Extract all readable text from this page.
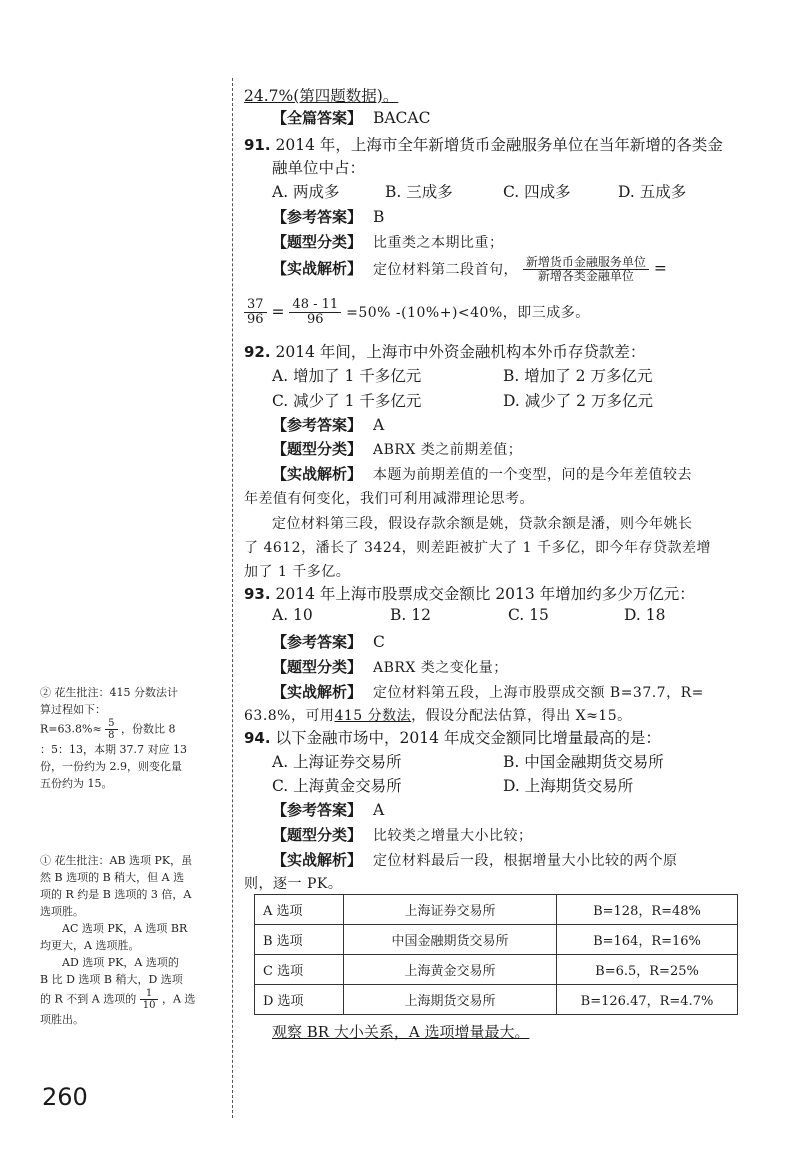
24.7%(第四题数据)。
【全篇答案】 BACAC
91. 2014 年，上海市全年新增货币金融服务单位在当年新增的各类金
融单位中占：
A. 两成多	B. 三成多	C. 四成多	D. 五成多
【参考答案】 B
【题型分类】 比重类之本期比重；
【实战解析】 定位材料第二段首句， $\frac{\text{新增货币金融服务单位}}{\text{新增各类金融单位}}$ =
$\frac{37}{96} = \frac{48 - 11}{96} =50\%$ -(10%+)<40%，即三成多。
92. 2014 年间，上海市中外资金融机构本外币存贷款差：
A. 增加了 1 千多亿元	B. 增加了 2 万多亿元
C. 减少了 1 千多亿元	D. 减少了 2 万多亿元
【参考答案】 A
【题型分类】 ABRX 类之前期差值；
【实战解析】 本题为前期差值的一个变型，问的是今年差值较去
年差值有何变化，我们可利用减滞理论思考。
定位材料第三段，假设存款余额是姚，贷款余额是潘，则今年姚长
了 4612，潘长了 3424，则差距被扩大了 1 千多亿，即今年存贷款差增
加了 1 千多亿。
93. 2014 年上海市股票成交金额比 2013 年增加约多少万亿元：
A. 10	B. 12	C. 15	D. 18
【参考答案】 C
【题型分类】 ABRX 类之变化量；
【实战解析】 定位材料第五段，上海市股票成交额 B=37.7，R=
63.8%，可用415 分数法，假设分配法估算，得出 X≈15。
94. 以下金融市场中，2014 年成交金额同比增量最高的是：
A. 上海证券交易所	B. 中国金融期货交易所
C. 上海黄金交易所	D. 上海期货交易所
【参考答案】 A
【题型分类】 比较类之增量大小比较；
【实战解析】 定位材料最后一段，根据增量大小比较的两个原
则，逐一 PK。
A 选项	上海证券交易所	B=128，R=48%
B 选项	中国金融期货交易所	B=164，R=16%
C 选项	上海黄金交易所	B=6.5，R=25%
D 选项	上海期货交易所	B=126.47，R=4.7%
观察 BR 大小关系，A 选项增量最大。
② 花生批注：415 分数法计
算过程如下：
$R=63.8\%\approx \frac{5}{8}$ ，份数比 8
：5：13，本期 37.7 对应 13
份，一份约为 2.9，则变化量
五份约为 15。
① 花生批注：AB 选项 PK，虽
然 B 选项的 B 稍大，但 A 选
项的 R 约是 B 选项的 3 倍，A
选项胜。
AC 选项 PK，A 选项 BR
均更大，A 选项胜。
AD 选项 PK，A 选项的
B 比 D 选项 B 稍大，D 选项
的 R 不到 A 选项的 $\frac{1}{10}$ ，A 选
项胜出。
260
